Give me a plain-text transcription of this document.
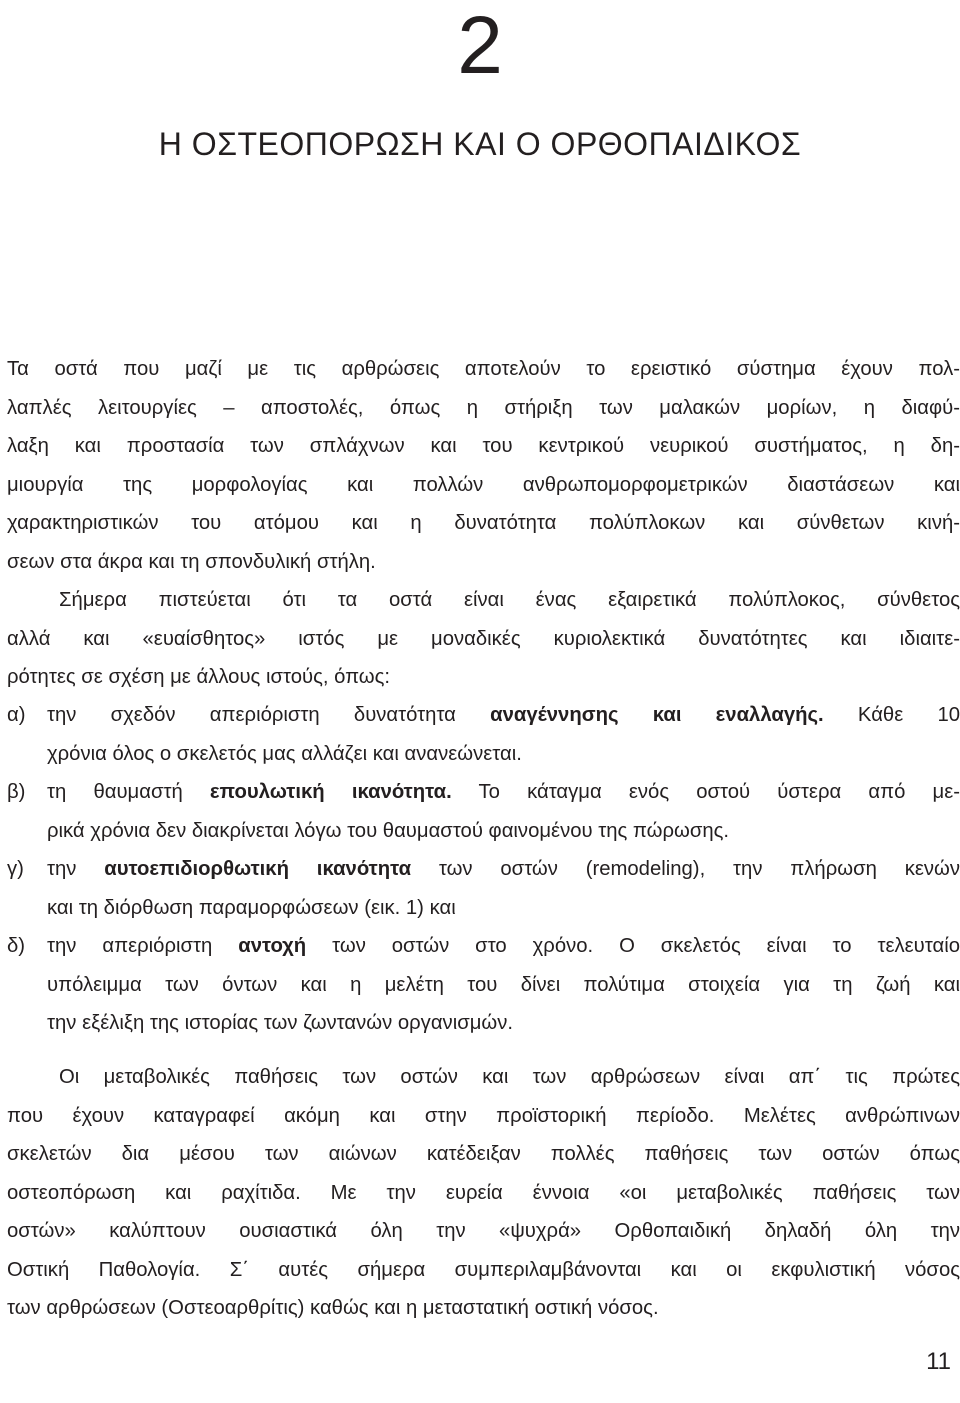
2
Η ΟΣΤΕΟΠΟΡΩΣΗ ΚΑΙ Ο ΟΡΘΟΠΑΙΔΙΚΟΣ
Τα οστά που μαζί με τις αρθρώσεις αποτελούν το ερειστικό σύστημα έχουν πολ-
λαπλές λειτουργίες – αποστολές, όπως η στήριξη των μαλακών μορίων, η διαφύ-
λαξη και προστασία των σπλάχνων και του κεντρικού νευρικού συστήματος, η δη-
μιουργία της μορφολογίας και πολλών ανθρωπομορφομετρικών διαστάσεων και
χαρακτηριστικών του ατόμου και η δυνατότητα πολύπλοκων και σύνθετων κινή-
σεων στα άκρα και τη σπονδυλική στήλη.
Σήμερα πιστεύεται ότι τα οστά είναι ένας εξαιρετικά πολύπλοκος, σύνθετος
αλλά και «ευαίσθητος» ιστός με μοναδικές κυριολεκτικά δυνατότητες και ιδιαιτε-
ρότητες σε σχέση με άλλους ιστούς, όπως:
α) την σχεδόν απεριόριστη δυνατότητα αναγέννησης και εναλλαγής. Κάθε 10
χρόνια όλος ο σκελετός μας αλλάζει και ανανεώνεται.
β) τη θαυμαστή επουλωτική ικανότητα. Το κάταγμα ενός οστού ύστερα από με-
ρικά χρόνια δεν διακρίνεται λόγω του θαυμαστού φαινομένου της πώρωσης.
γ) την αυτοεπιδιορθωτική ικανότητα των οστών (remodeling), την πλήρωση κενών
και τη διόρθωση παραμορφώσεων (εικ. 1) και
δ) την απεριόριστη αντοχή των οστών στο χρόνο. Ο σκελετός είναι το τελευταίο
υπόλειμμα των όντων και η μελέτη του δίνει πολύτιμα στοιχεία για τη ζωή και
την εξέλιξη της ιστορίας των ζωντανών οργανισμών.
Οι μεταβολικές παθήσεις των οστών και των αρθρώσεων είναι απ΄ τις πρώτες
που έχουν καταγραφεί ακόμη και στην προϊστορική περίοδο. Μελέτες ανθρώπινων
σκελετών δια μέσου των αιώνων κατέδειξαν πολλές παθήσεις των οστών όπως
οστεοπόρωση και ραχίτιδα. Με την ευρεία έννοια «οι μεταβολικές παθήσεις των
οστών» καλύπτουν ουσιαστικά όλη την «ψυχρά» Ορθοπαιδική δηλαδή όλη την
Οστική Παθολογία. Σ΄ αυτές σήμερα συμπεριλαμβάνονται και οι εκφυλιστική νόσος
των αρθρώσεων (Οστεοαρθρίτις) καθώς και η μεταστατική οστική νόσος.
11
